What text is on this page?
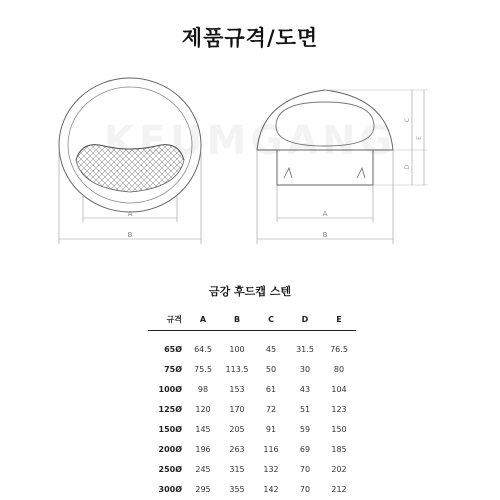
제품규격/도면
A
B
C
D
E
B
A
금강 후드캡 스텐
규격	A	B	C	D	E
65Ø	64.5	100	45	31.5	76.5
75Ø	75.5	113.5	50	30	80
100Ø	98	153	61	43	104
125Ø	120	170	72	51	123
150Ø	145	205	91	59	150
200Ø	196	263	116	69	185
250Ø	245	315	132	70	202
300Ø	295	355	142	70	212
